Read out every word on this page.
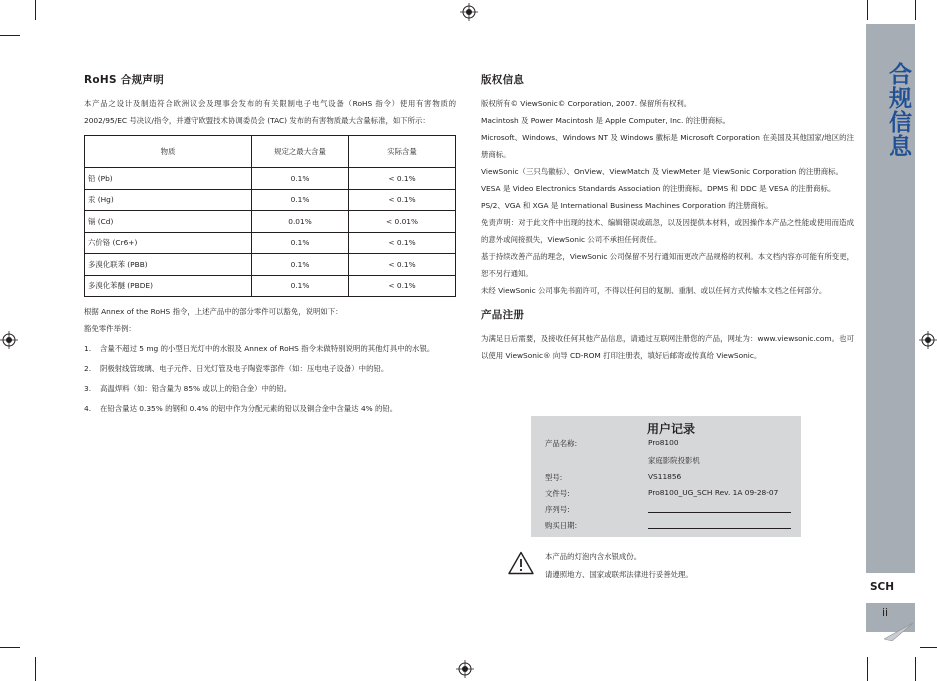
RoHS 合规声明

本产品之设计及制造符合欧洲议会及理事会发布的有关限制电子电气设备（RoHS 指令）使用有害物质的 2002/95/EC 号决议/指令，并遵守欧盟技术协调委员会 (TAC) 发布的有害物质最大含量标准，如下所示：

物质	规定之最大含量	实际含量
铅 (Pb)	0.1%	< 0.1%
汞 (Hg)	0.1%	< 0.1%
镉 (Cd)	0.01%	< 0.01%
六价铬 (Cr6+)	0.1%	< 0.1%
多溴化联苯 (PBB)	0.1%	< 0.1%
多溴化苯醚 (PBDE)	0.1%	< 0.1%

根据 Annex of the RoHS 指令，上述产品中的部分零件可以豁免，说明如下：

豁免零件举例：

1.	含量不超过 5 mg 的小型日光灯中的水银及 Annex of RoHS 指令未做特别说明的其他灯具中的水银。
2.	阴极射线管玻璃、电子元件、日光灯管及电子陶瓷零部件（如：压电电子设备）中的铅。
3.	高温焊料（如：铅含量为 85% 或以上的铅合金）中的铅。
4.	在铅含量达 0.35% 的钢和 0.4% 的铝中作为分配元素的铅以及铜合金中含量达 4% 的铅。
版权信息

版权所有© ViewSonic© Corporation, 2007. 保留所有权利。

Macintosh 及 Power Macintosh 是 Apple Computer, Inc. 的注册商标。

Microsoft、Windows、Windows NT 及 Windows 徽标是 Microsoft Corporation 在美国及其他国家/地区的注册商标。

ViewSonic（三只鸟徽标）、OnView、ViewMatch 及 ViewMeter 是 ViewSonic Corporation 的注册商标。

VESA 是 Video Electronics Standards Association 的注册商标。DPMS 和 DDC 是 VESA 的注册商标。

PS/2、VGA 和 XGA 是 International Business Machines Corporation 的注册商标。

免责声明：对于此文件中出现的技术、编辑错误或疏忽，以及因提供本材料，或因操作本产品之性能或使用而造成的意外或间接损失，ViewSonic 公司不承担任何责任。

基于持续改善产品的理念，ViewSonic 公司保留不另行通知而更改产品规格的权利。本文档内容亦可能有所变更，恕不另行通知。

未经 ViewSonic 公司事先书面许可，不得以任何目的复制、重制、或以任何方式传输本文档之任何部分。

产品注册

为满足日后需要，及接收任何其他产品信息，请通过互联网注册您的产品，网址为：www.viewsonic.com。也可以使用 ViewSonic® 向导 CD-ROM 打印注册表，填好后邮寄或传真给 ViewSonic。

用户记录
产品名称:	Pro8100
家庭影院投影机
型号:	VS11856
文件号:	Pro8100_UG_SCH Rev. 1A 09-28-07
序列号:
购买日期:
本产品的灯泡内含水银成份。
请遵照地方、国家或联邦法律进行妥善处理。
合规信息
SCH
ii
